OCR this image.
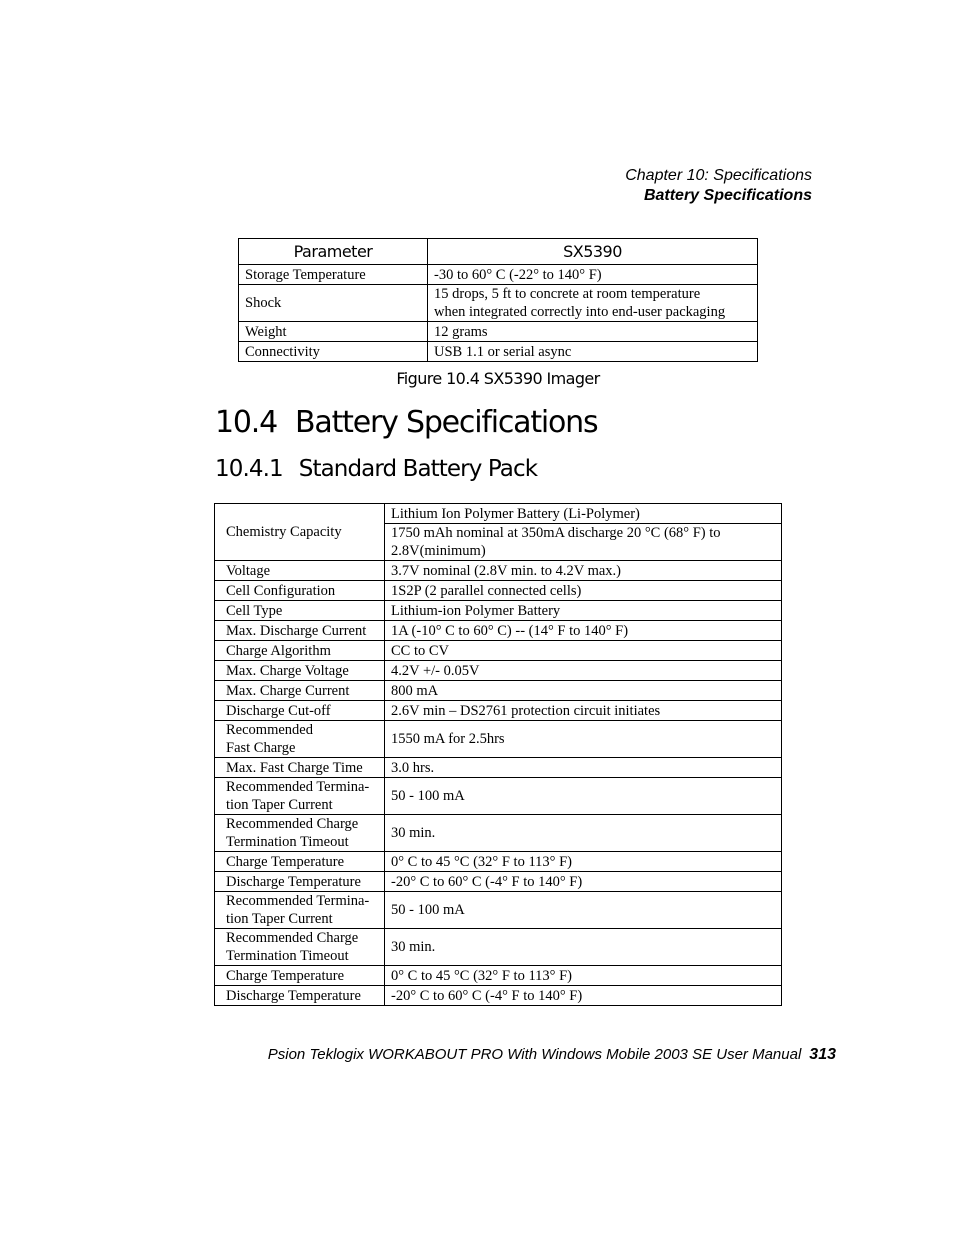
Chapter 10: Specifications
Battery Specifications
Parameter	SX5390
Storage Temperature	-30 to 60° C (-22° to 140° F)
Shock	15 drops, 5 ft to concrete at room temperature
when integrated correctly into end-user packaging
Weight	12 grams
Connectivity	USB 1.1 or serial async
Figure 10.4 SX5390 Imager
10.4 Battery Specifications
10.4.1 Standard Battery Pack
Chemistry Capacity	Lithium Ion Polymer Battery (Li-Polymer)
	1750 mAh nominal at 350mA discharge 20 °C (68° F) to
2.8V(minimum)
Voltage	3.7V nominal (2.8V min. to 4.2V max.)
Cell Configuration	1S2P (2 parallel connected cells)
Cell Type	Lithium-ion Polymer Battery
Max. Discharge Current	1A (-10° C to 60° C) -- (14° F to 140° F)
Charge Algorithm	CC to CV
Max. Charge Voltage	4.2V +/- 0.05V
Max. Charge Current	800 mA
Discharge Cut-off	2.6V min – DS2761 protection circuit initiates
Recommended
Fast Charge	1550 mA for 2.5hrs
Max. Fast Charge Time	3.0 hrs.
Recommended Termina-
tion Taper Current	50 - 100 mA
Recommended Charge
Termination Timeout	30 min.
Charge Temperature	0° C to 45 °C (32° F to 113° F)
Discharge Temperature	-20° C to 60° C (-4° F to 140° F)
Recommended Termina-
tion Taper Current	50 - 100 mA
Recommended Charge
Termination Timeout	30 min.
Charge Temperature	0° C to 45 °C (32° F to 113° F)
Discharge Temperature	-20° C to 60° C (-4° F to 140° F)
Psion Teklogix WORKABOUT PRO With Windows Mobile 2003 SE User Manual 313
